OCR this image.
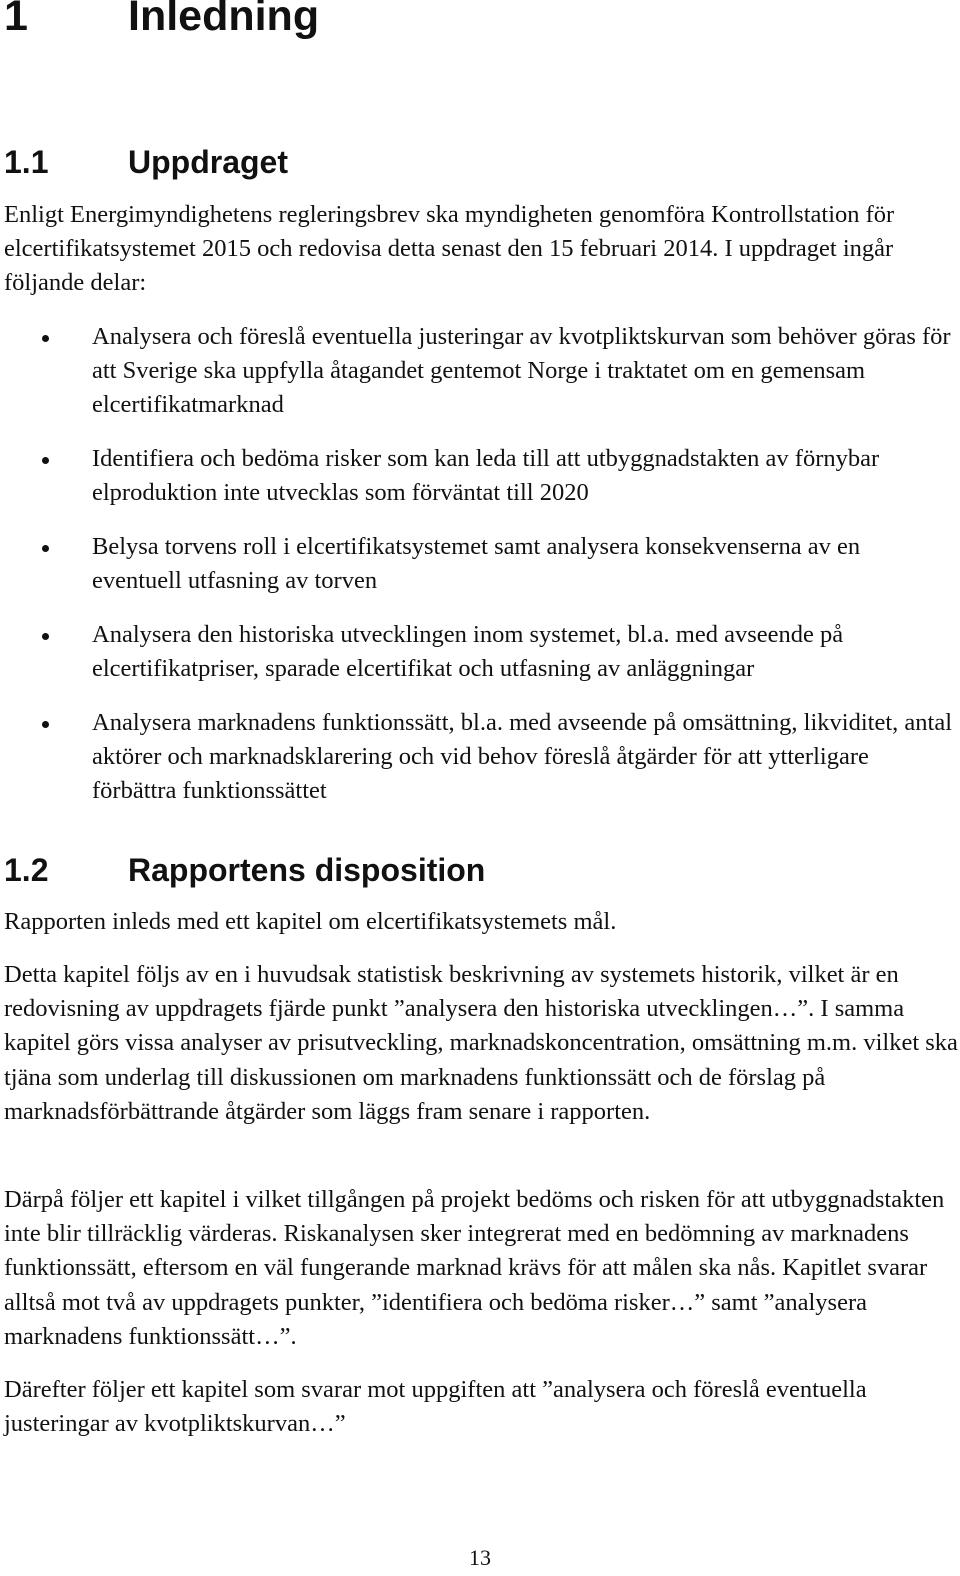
1 Inledning
1.1 Uppdraget

Enligt Energimyndighetens regleringsbrev ska myndigheten genomföra Kontrollstation för elcertifikatsystemet 2015 och redovisa detta senast den 15 februari 2014. I uppdraget ingår följande delar:

Analysera och föreslå eventuella justeringar av kvotpliktskurvan som behöver göras för att Sverige ska uppfylla åtagandet gentemot Norge i traktatet om en gemensam elcertifikatmarknad
Identifiera och bedöma risker som kan leda till att utbyggnadstakten av förnybar elproduktion inte utvecklas som förväntat till 2020
Belysa torvens roll i elcertifikatsystemet samt analysera konsekvenserna av en eventuell utfasning av torven
Analysera den historiska utvecklingen inom systemet, bl.a. med avseende på elcertifikatpriser, sparade elcertifikat och utfasning av anläggningar
Analysera marknadens funktionssätt, bl.a. med avseende på omsättning, likviditet, antal aktörer och marknadsklarering och vid behov föreslå åtgärder för att ytterligare förbättra funktionssättet
1.2 Rapportens disposition

Rapporten inleds med ett kapitel om elcertifikatsystemets mål.

Detta kapitel följs av en i huvudsak statistisk beskrivning av systemets historik, vilket är en redovisning av uppdragets fjärde punkt ”analysera den historiska utvecklingen…”. I samma kapitel görs vissa analyser av prisutveckling, marknadskoncentration, omsättning m.m. vilket ska tjäna som underlag till diskussionen om marknadens funktionssätt och de förslag på marknadsförbättrande åtgärder som läggs fram senare i rapporten.

Därpå följer ett kapitel i vilket tillgången på projekt bedöms och risken för att utbyggnadstakten inte blir tillräcklig värderas. Riskanalysen sker integrerat med en bedömning av marknadens funktionssätt, eftersom en väl fungerande marknad krävs för att målen ska nås. Kapitlet svarar alltså mot två av uppdragets punkter, ”identifiera och bedöma risker…” samt ”analysera marknadens funktionssätt…”.

Därefter följer ett kapitel som svarar mot uppgiften att ”analysera och föreslå eventuella justeringar av kvotpliktskurvan…”

13
